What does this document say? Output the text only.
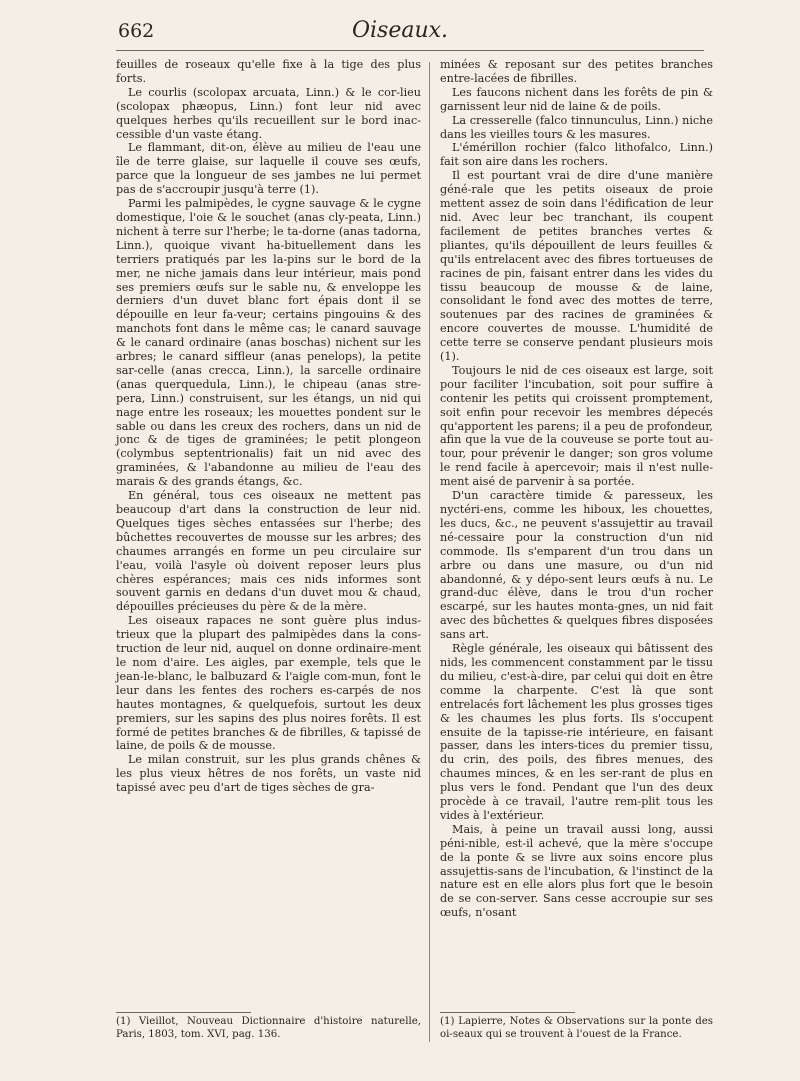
662	Oiseaux.

feuilles de roseaux qu'elle fixe à la tige des plus forts.

Le courlis (scolopax arcuata, Linn.) & le cor-lieu (scolopax phæopus, Linn.) font leur nid avec quelques herbes qu'ils recueillent sur le bord inac-cessible d'un vaste étang.

Le flammant, dit-on, élève au milieu de l'eau une île de terre glaise, sur laquelle il couve ses œufs, parce que la longueur de ses jambes ne lui permet pas de s'accroupir jusqu'à terre (1).

Parmi les palmipèdes, le cygne sauvage & le cygne domestique, l'oie & le souchet (anas cly-peata, Linn.) nichent à terre sur l'herbe; le ta-dorne (anas tadorna, Linn.), quoique vivant ha-bituellement dans les terriers pratiqués par les la-pins sur le bord de la mer, ne niche jamais dans leur intérieur, mais pond ses premiers œufs sur le sable nu, & enveloppe les derniers d'un duvet blanc fort épais dont il se dépouille en leur fa-veur; certains pingouins & des manchots font dans le même cas; le canard sauvage & le canard ordinaire (anas boschas) nichent sur les arbres; le canard siffleur (anas penelops), la petite sar-celle (anas crecca, Linn.), la sarcelle ordinaire (anas querquedula, Linn.), le chipeau (anas stre-pera, Linn.) construisent, sur les étangs, un nid qui nage entre les roseaux; les mouettes pondent sur le sable ou dans les creux des rochers, dans un nid de jonc & de tiges de graminées; le petit plongeon (colymbus septentrionalis) fait un nid avec des graminées, & l'abandonne au milieu de l'eau des marais & des grands étangs, &c.

En général, tous ces oiseaux ne mettent pas beaucoup d'art dans la construction de leur nid. Quelques tiges sèches entassées sur l'herbe; des bûchettes recouvertes de mousse sur les arbres; des chaumes arrangés en forme un peu circulaire sur l'eau, voilà l'asyle où doivent reposer leurs plus chères espérances; mais ces nids informes sont souvent garnis en dedans d'un duvet mou & chaud, dépouilles précieuses du père & de la mère.

Les oiseaux rapaces ne sont guère plus indus-trieux que la plupart des palmipèdes dans la cons-truction de leur nid, auquel on donne ordinaire-ment le nom d'aire. Les aigles, par exemple, tels que le jean-le-blanc, le balbuzard & l'aigle com-mun, font le leur dans les fentes des rochers es-carpés de nos hautes montagnes, & quelquefois, surtout les deux premiers, sur les sapins des plus noires forêts. Il est formé de petites branches & de fibrilles, & tapissé de laine, de poils & de mousse.

Le milan construit, sur les plus grands chênes & les plus vieux hêtres de nos forêts, un vaste nid tapissé avec peu d'art de tiges sèches de gra-

minées & reposant sur des petites branches entre-lacées de fibrilles.

Les faucons nichent dans les forêts de pin & garnissent leur nid de laine & de poils.

La cresserelle (falco tinnunculus, Linn.) niche dans les vieilles tours & les masures.

L'émérillon rochier (falco lithofalco, Linn.) fait son aire dans les rochers.

Il est pourtant vrai de dire d'une manière géné-rale que les petits oiseaux de proie mettent assez de soin dans l'édification de leur nid. Avec leur bec tranchant, ils coupent facilement de petites branches vertes & pliantes, qu'ils dépouillent de leurs feuilles & qu'ils entrelacent avec des fibres tortueuses de racines de pin, faisant entrer dans les vides du tissu beaucoup de mousse & de laine, consolidant le fond avec des mottes de terre, soutenues par des racines de graminées & encore couvertes de mousse. L'humidité de cette terre se conserve pendant plusieurs mois (1).

Toujours le nid de ces oiseaux est large, soit pour faciliter l'incubation, soit pour suffire à contenir les petits qui croissent promptement, soit enfin pour recevoir les membres dépecés qu'apportent les parens; il a peu de profondeur, afin que la vue de la couveuse se porte tout au-tour, pour prévenir le danger; son gros volume le rend facile à apercevoir; mais il n'est nulle-ment aisé de parvenir à sa portée.

D'un caractère timide & paresseux, les nyctéri-ens, comme les hiboux, les chouettes, les ducs, &c., ne peuvent s'assujettir au travail né-cessaire pour la construction d'un nid commode. Ils s'emparent d'un trou dans un arbre ou dans une masure, ou d'un nid abandonné, & y dépo-sent leurs œufs à nu. Le grand-duc élève, dans le trou d'un rocher escarpé, sur les hautes monta-gnes, un nid fait avec des bûchettes & quelques fibres disposées sans art.

Règle générale, les oiseaux qui bâtissent des nids, les commencent constamment par le tissu du milieu, c'est-à-dire, par celui qui doit en être comme la charpente. C'est là que sont entrelacés fort lâchement les plus grosses tiges & les chaumes les plus forts. Ils s'occupent ensuite de la tapisse-rie intérieure, en faisant passer, dans les inters-tices du premier tissu, du crin, des poils, des fibres menues, des chaumes minces, & en les ser-rant de plus en plus vers le fond. Pendant que l'un des deux procède à ce travail, l'autre rem-plit tous les vides à l'extérieur.

Mais, à peine un travail aussi long, aussi péni-nible, est-il achevé, que la mère s'occupe de la ponte & se livre aux soins encore plus assujettis-sans de l'incubation, & l'instinct de la nature est en elle alors plus fort que le besoin de se con-server. Sans cesse accroupie sur ses œufs, n'osant

(1) Vieillot, Nouveau Dictionnaire d'histoire naturelle, Paris, 1803, tom. XVI, pag. 136.
(1) Lapierre, Notes & Observations sur la ponte des oi-seaux qui se trouvent à l'ouest de la France.
